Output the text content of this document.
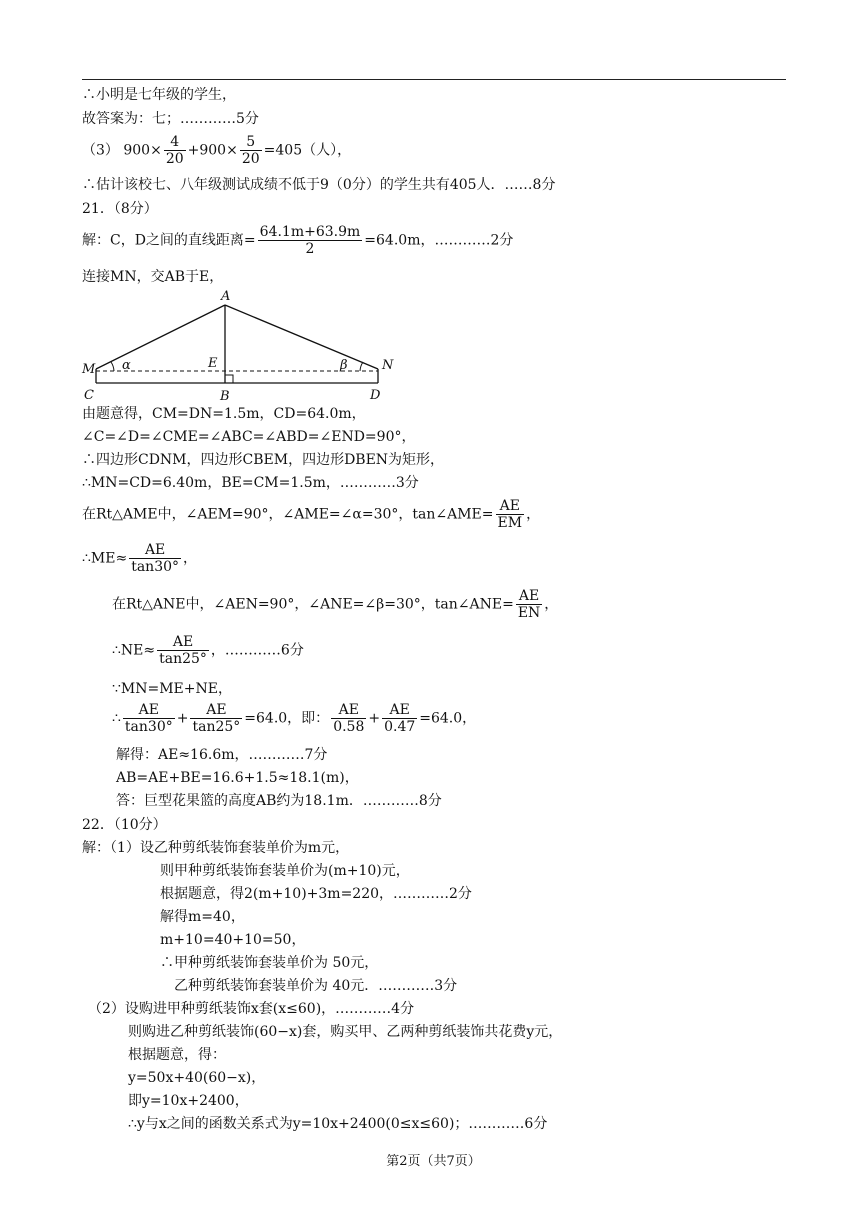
∴小明是七年级的学生，
故答案为：七；…………5分
（3） $900\times \frac{4}{20} +900\times \frac{5}{20} =405$（人），
∴估计该校七、八年级测试成绩不低于9（0分）的学生共有405人．……8分
21．（8分）
解：C，D之间的直线距离= $\frac{64.1m+63.9m}{2} =64.0m$，…………2分
连接MN，交AB于E，
A
M α	E	β	N
C	B	D
由题意得，CM=DN=1.5m，CD=64.0m，
∠C=∠D=∠CME=∠ABC=∠ABD=∠END=90°，
∴四边形CDNM，四边形CBEM，四边形DBEN为矩形，
∴MN=CD=6.40m，BE=CM=1.5m，…………3分
在Rt△AME中，∠AEM=90°，∠AME=∠α=30°，tan∠AME= $\frac{AE}{EM}$ ，
∴ME≈ $\frac{AE}{\tan 30^\circ}$ ，
在Rt△ANE中，∠AEN=90°，∠ANE=∠β=30°，tan∠ANE= $\frac{AE}{EN}$ ，
∴NE≈ $\frac{AE}{\tan 25^\circ}$ ，…………6分
∵MN=ME+NE，
∴ $\frac{AE}{\tan 30^\circ} + \frac{AE}{\tan 25^\circ} =64.0$，即： $\frac{AE}{0.58} + \frac{AE}{0.47} =64.0$，
解得：AE≈16.6m，…………7分
AB=AE+BE=16.6+1.5≈18.1(m)，
答：巨型花果篮的高度AB约为18.1m．…………8分
22．（10分）
解：（1）设乙种剪纸装饰套装单价为m元，
则甲种剪纸装饰套装单价为(m+10)元，
根据题意，得2(m+10)+3m=220，…………2分
解得m=40，
m+10=40+10=50，
∴甲种剪纸装饰套装单价为 50元，
乙种剪纸装饰套装单价为 40元．…………3分
（2）设购进甲种剪纸装饰x套(x≤60)，…………4分
则购进乙种剪纸装饰(60−x)套，购买甲、乙两种剪纸装饰共花费y元，
根据题意，得：
y=50x+40(60−x)，
即y=10x+2400，
∴y与x之间的函数关系式为y=10x+2400(0≤x≤60)；…………6分
第2页（共7页）
